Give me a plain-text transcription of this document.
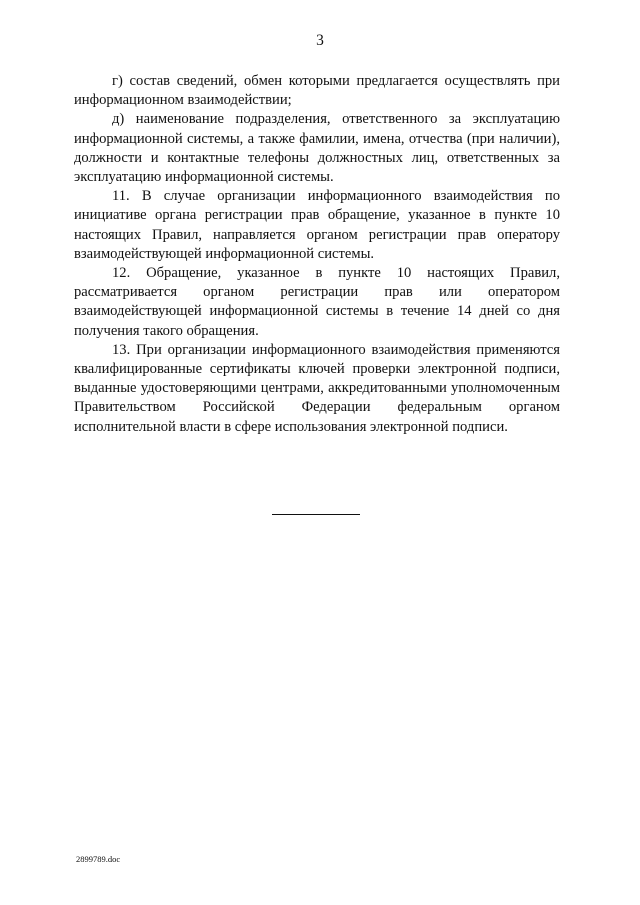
3

г) состав сведений, обмен которыми предлагается осуществлять при информационном взаимодействии;

д) наименование подразделения, ответственного за эксплуатацию информационной системы, а также фамилии, имена, отчества (при наличии), должности и контактные телефоны должностных лиц, ответственных за эксплуатацию информационной системы.

11. В случае организации информационного взаимодействия по инициативе органа регистрации прав обращение, указанное в пункте 10 настоящих Правил, направляется органом регистрации прав оператору взаимодействующей информационной системы.

12. Обращение, указанное в пункте 10 настоящих Правил, рассматривается органом регистрации прав или оператором взаимодействующей информационной системы в течение 14 дней со дня получения такого обращения.

13. При организации информационного взаимодействия применяются квалифицированные сертификаты ключей проверки электронной подписи, выданные удостоверяющими центрами, аккредитованными уполномоченным Правительством Российской Федерации федеральным органом исполнительной власти в сфере использования электронной подписи.

2899789.doc
